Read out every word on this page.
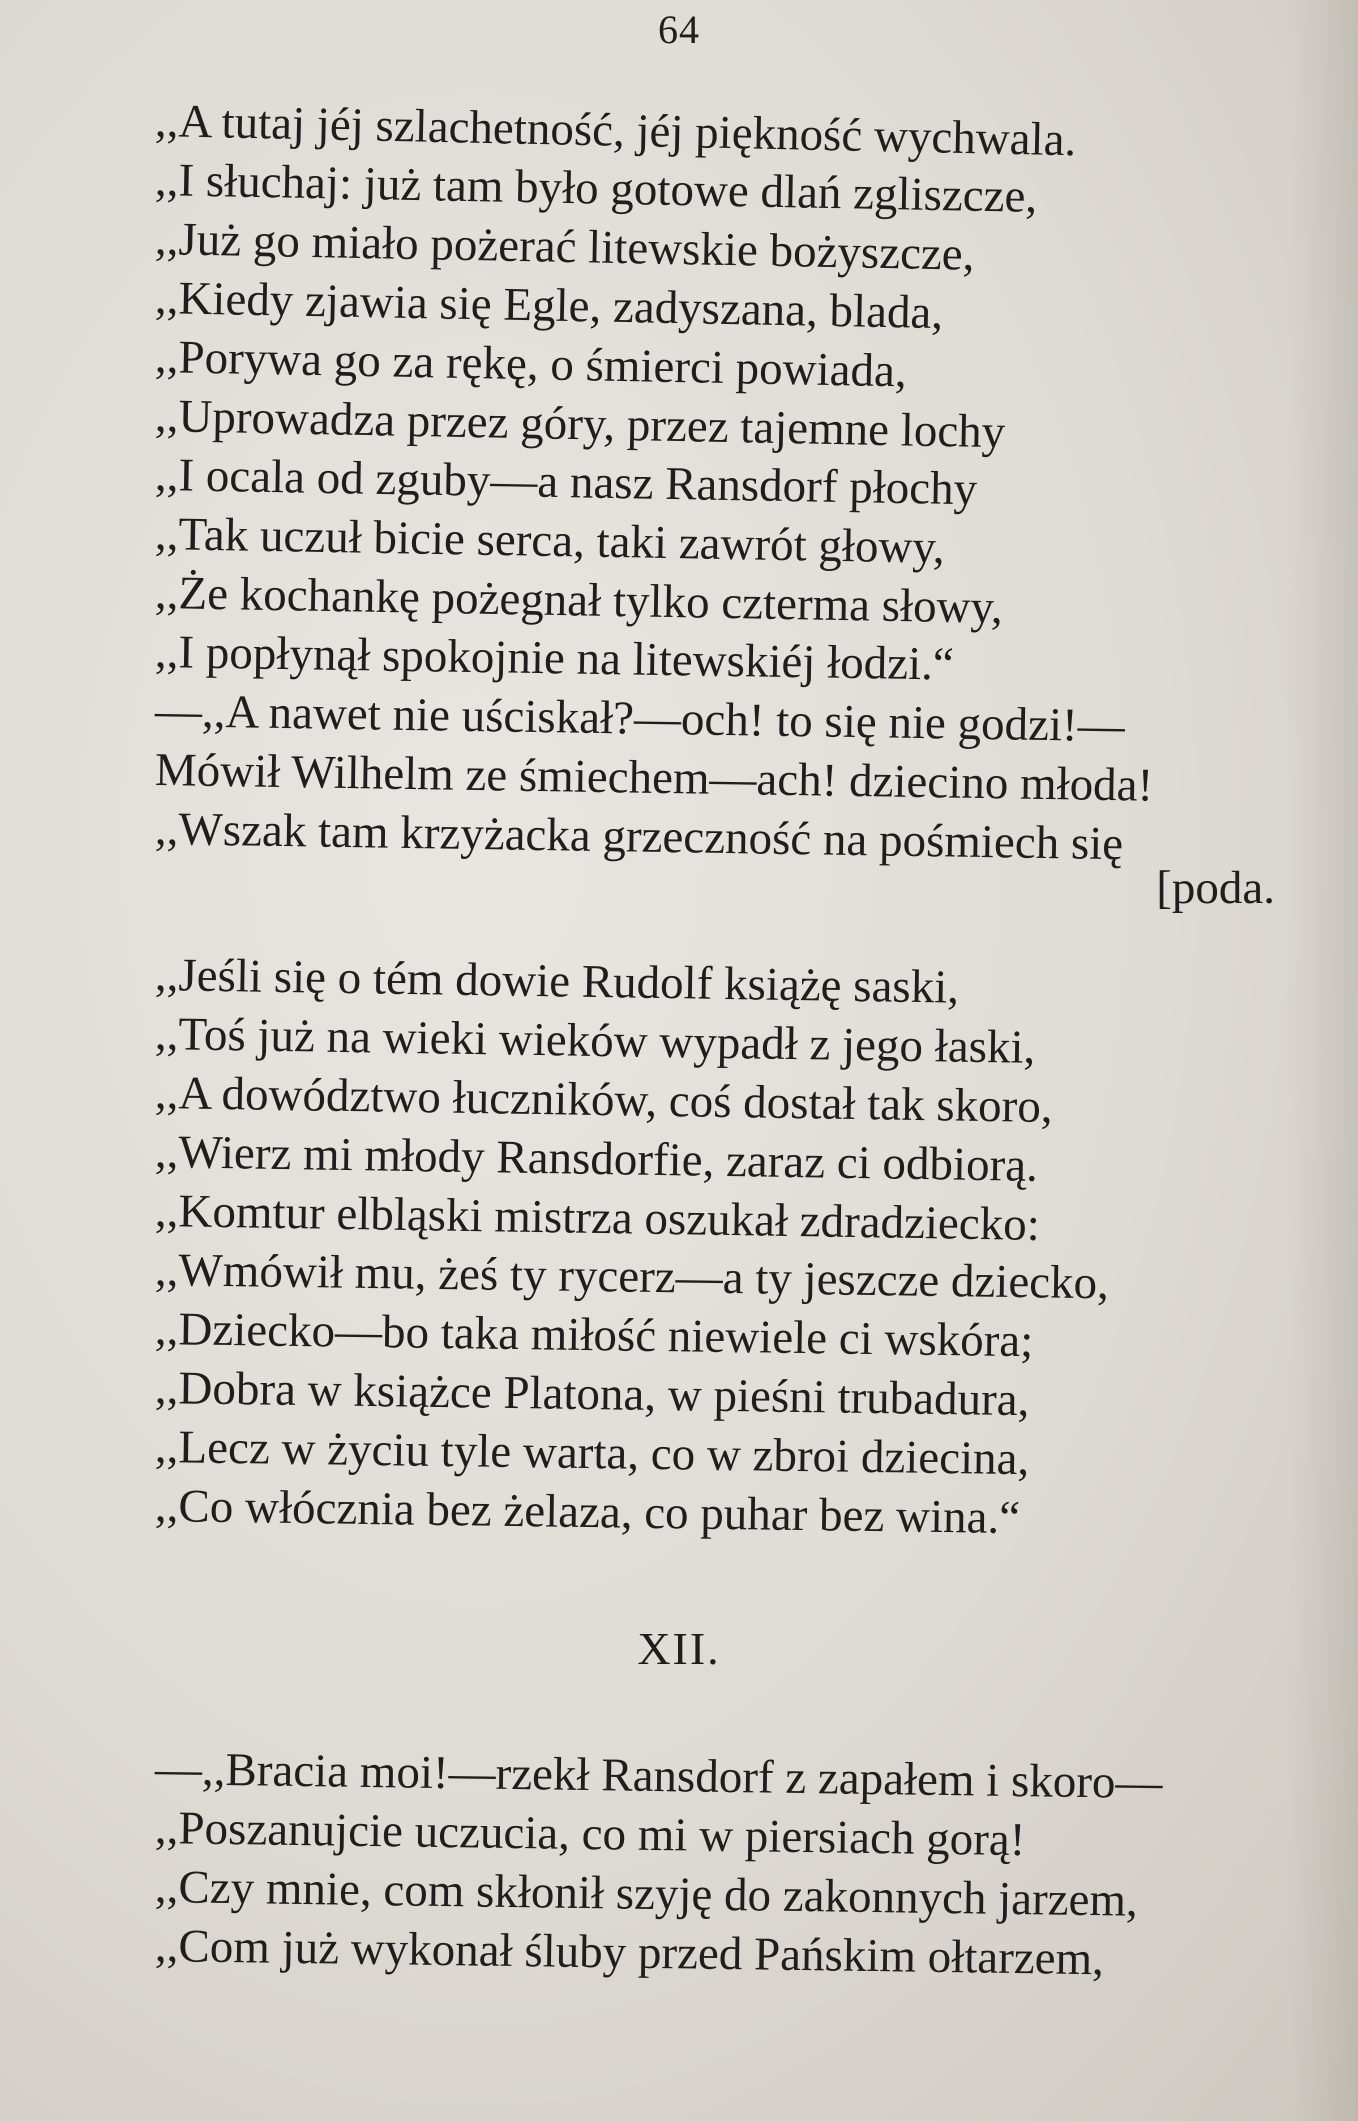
64
,,A tutaj jéj szlachetność, jéj piękność wychwala.
,,I słuchaj: już tam było gotowe dlań zgliszcze,
,,Już go miało pożerać litewskie bożyszcze,
,,Kiedy zjawia się Egle, zadyszana, blada,
,,Porywa go za rękę, o śmierci powiada,
,,Uprowadza przez góry, przez tajemne lochy
,,I ocala od zguby—a nasz Ransdorf płochy
,,Tak uczuł bicie serca, taki zawrót głowy,
,,Że kochankę pożegnał tylko czterma słowy,
,,I popłynął spokojnie na litewskiéj łodzi.“
—,,A nawet nie uściskał?—och! to się nie godzi!—
Mówił Wilhelm ze śmiechem—ach! dziecino młoda!
,,Wszak tam krzyżacka grzeczność na pośmiech się
[poda.
,,Jeśli się o tém dowie Rudolf książę saski,
,,Toś już na wieki wieków wypadł z jego łaski,
,,A dowództwo łuczników, coś dostał tak skoro,
,,Wierz mi młody Ransdorfie, zaraz ci odbiorą.
,,Komtur elbląski mistrza oszukał zdradziecko:
,,Wmówił mu, żeś ty rycerz—a ty jeszcze dziecko,
,,Dziecko—bo taka miłość niewiele ci wskóra;
,,Dobra w książce Platona, w pieśni trubadura,
,,Lecz w życiu tyle warta, co w zbroi dziecina,
,,Co włócznia bez żelaza, co puhar bez wina.“
XII.
—,,Bracia moi!—rzekł Ransdorf z zapałem i skoro—
,,Poszanujcie uczucia, co mi w piersiach gorą!
,,Czy mnie, com skłonił szyję do zakonnych jarzem,
,,Com już wykonał śluby przed Pańskim ołtarzem,
